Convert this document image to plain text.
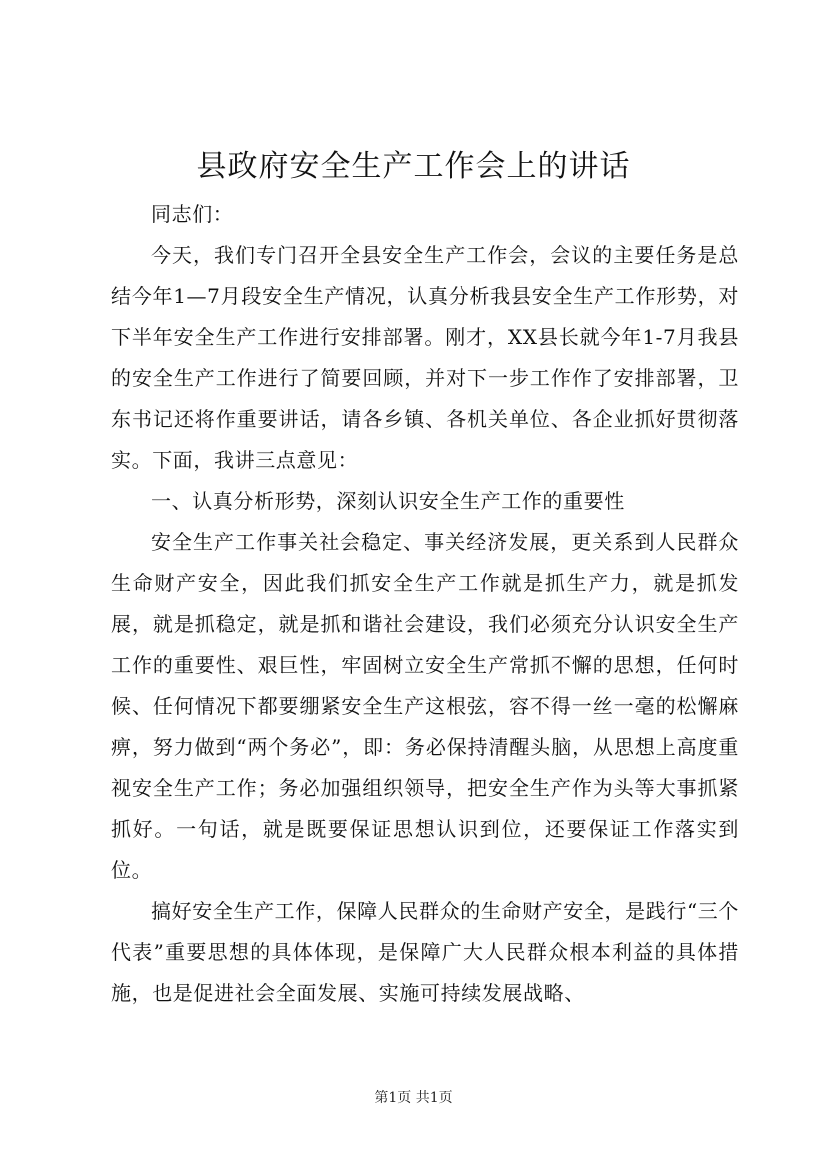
县政府安全生产工作会上的讲话

同志们：

今天，我们专门召开全县安全生产工作会，会议的主要任务是总结今年1—7月段安全生产情况，认真分析我县安全生产工作形势，对下半年安全生产工作进行安排部署。刚才，XX县长就今年1-7月我县的安全生产工作进行了简要回顾，并对下一步工作作了安排部署，卫东书记还将作重要讲话，请各乡镇、各机关单位、各企业抓好贯彻落实。下面，我讲三点意见：

一、认真分析形势，深刻认识安全生产工作的重要性

安全生产工作事关社会稳定、事关经济发展，更关系到人民群众生命财产安全，因此我们抓安全生产工作就是抓生产力，就是抓发展，就是抓稳定，就是抓和谐社会建设，我们必须充分认识安全生产工作的重要性、艰巨性，牢固树立安全生产常抓不懈的思想，任何时候、任何情况下都要绷紧安全生产这根弦，容不得一丝一毫的松懈麻痹，努力做到“两个务必”，即：务必保持清醒头脑，从思想上高度重视安全生产工作；务必加强组织领导，把安全生产作为头等大事抓紧抓好。一句话，就是既要保证思想认识到位，还要保证工作落实到位。

搞好安全生产工作，保障人民群众的生命财产安全，是践行“三个代表”重要思想的具体体现，是保障广大人民群众根本利益的具体措施，也是促进社会全面发展、实施可持续发展战略、

第1页 共1页
